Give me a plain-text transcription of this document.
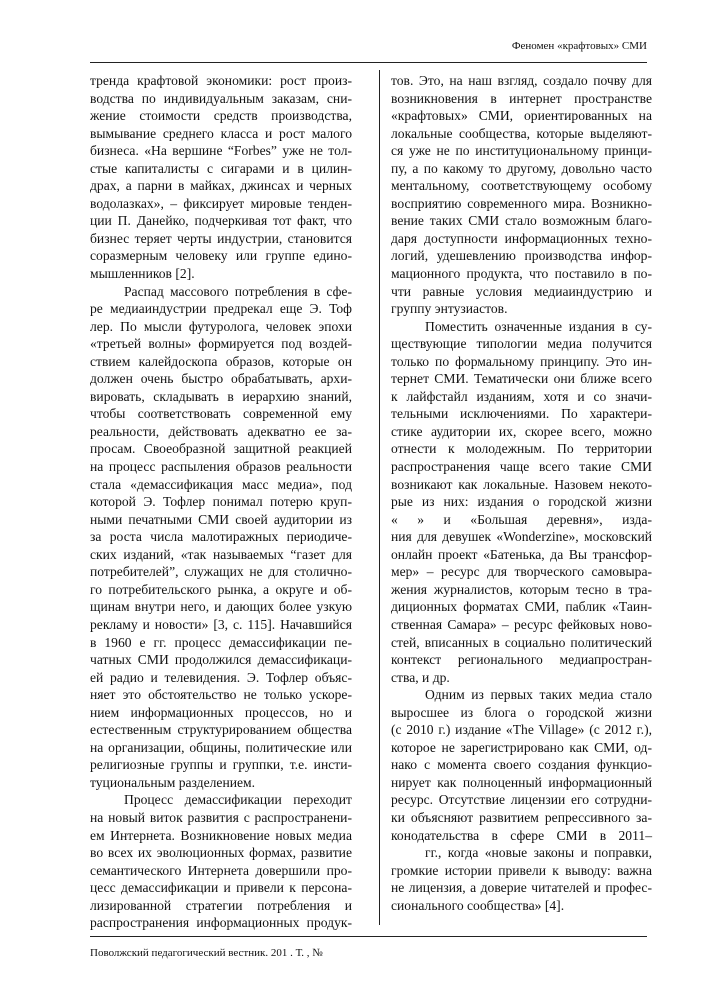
Феномен «крафтовых» СМИ
тренда крафтовой экономики: рост произ-
водства по индивидуальным заказам, сни-
жение стоимости средств производства,
вымывание среднего класса и рост малого
бизнеса. «На вершине “Forbes” уже не тол-
стые капиталисты с сигарами и в цилин-
драх, а парни в майках, джинсах и черных
водолазках», – фиксирует мировые тенден-
ции П. Данейко, подчеркивая тот факт, что
бизнес теряет черты индустрии, становится
соразмерным человеку или группе едино-
мышленников [2].
Распад массового потребления в сфе-
ре медиаиндустрии предрекал еще Э. Тоф
лер. По мысли футуролога, человек эпохи
«третьей волны» формируется под воздей-
ствием калейдоскопа образов, которые он
должен очень быстро обрабатывать, архи-
вировать, складывать в иерархию знаний,
чтобы соответствовать современной ему
реальности, действовать адекватно ее за-
просам. Своеобразной защитной реакцией
на процесс распыления образов реальности
стала «демассификация масс медиа», под
которой Э. Тофлер понимал потерю круп-
ными печатными СМИ своей аудитории из
за роста числа малотиражных периодиче-
ских изданий, «так называемых “газет для
потребителей”, служащих не для столично-
го потребительского рынка, а округе и об-
щинам внутри него, и дающих более узкую
рекламу и новости» [3, с. 115]. Начавшийся
в 1960 е гг. процесс демассификации пе-
чатных СМИ продолжился демассификаци-
ей радио и телевидения. Э. Тофлер объяс-
няет это обстоятельство не только ускоре-
нием информационных процессов, но и
естественным структурированием общества
на организации, общины, политические или
религиозные группы и группки, т.е. инсти-
туциональным разделением.
Процесс демассификации переходит
на новый виток развития с распространени-
ем Интернета. Возникновение новых медиа
во всех их эволюционных формах, развитие
семантического Интернета довершили про-
цесс демассификации и привели к персона-
лизированной стратегии потребления и
распространения информационных продук-
тов. Это, на наш взгляд, создало почву для
возникновения в интернет пространстве
«крафтовых» СМИ, ориентированных на
локальные сообщества, которые выделяют-
ся уже не по институциональному принци-
пу, а по какому то другому, довольно часто
ментальному, соответствующему особому
восприятию современного мира. Возникно-
вение таких СМИ стало возможным благо-
даря доступности информационных техно-
логий, удешевлению производства инфор-
мационного продукта, что поставило в по-
чти равные условия медиаиндустрию и
группу энтузиастов.
Поместить означенные издания в су-
ществующие типологии медиа получится
только по формальному принципу. Это ин-
тернет СМИ. Тематически они ближе всего
к лайфстайл изданиям, хотя и со значи-
тельными исключениями. По характери-
стике аудитории их, скорее всего, можно
отнести к молодежным. По территории
распространения чаще всего такие СМИ
возникают как локальные. Назовем некото-
рые из них: издания о городской жизни
« » и «Большая деревня», изда-
ния для девушек «Wonderzine», московский
онлайн проект «Батенька, да Вы трансфор-
мер» – ресурс для творческого самовыра-
жения журналистов, которым тесно в тра-
диционных форматах СМИ, паблик «Таин-
ственная Самара» – ресурс фейковых ново-
стей, вписанных в социально политический
контекст регионального медиапростран-
ства, и др.
Одним из первых таких медиа стало
выросшее из блога о городской жизни
(с 2010 г.) издание «The Village» (с 2012 г.),
которое не зарегистрировано как СМИ, од-
нако с момента своего создания функцио-
нирует как полноценный информационный
ресурс. Отсутствие лицензии его сотрудни-
ки объясняют развитием репрессивного за-
конодательства в сфере СМИ в 2011–
гг., когда «новые законы и поправки,
громкие истории привели к выводу: важна
не лицензия, а доверие читателей и профес-
сионального сообщества» [4].
Поволжский педагогический вестник. 201 . Т. , №
